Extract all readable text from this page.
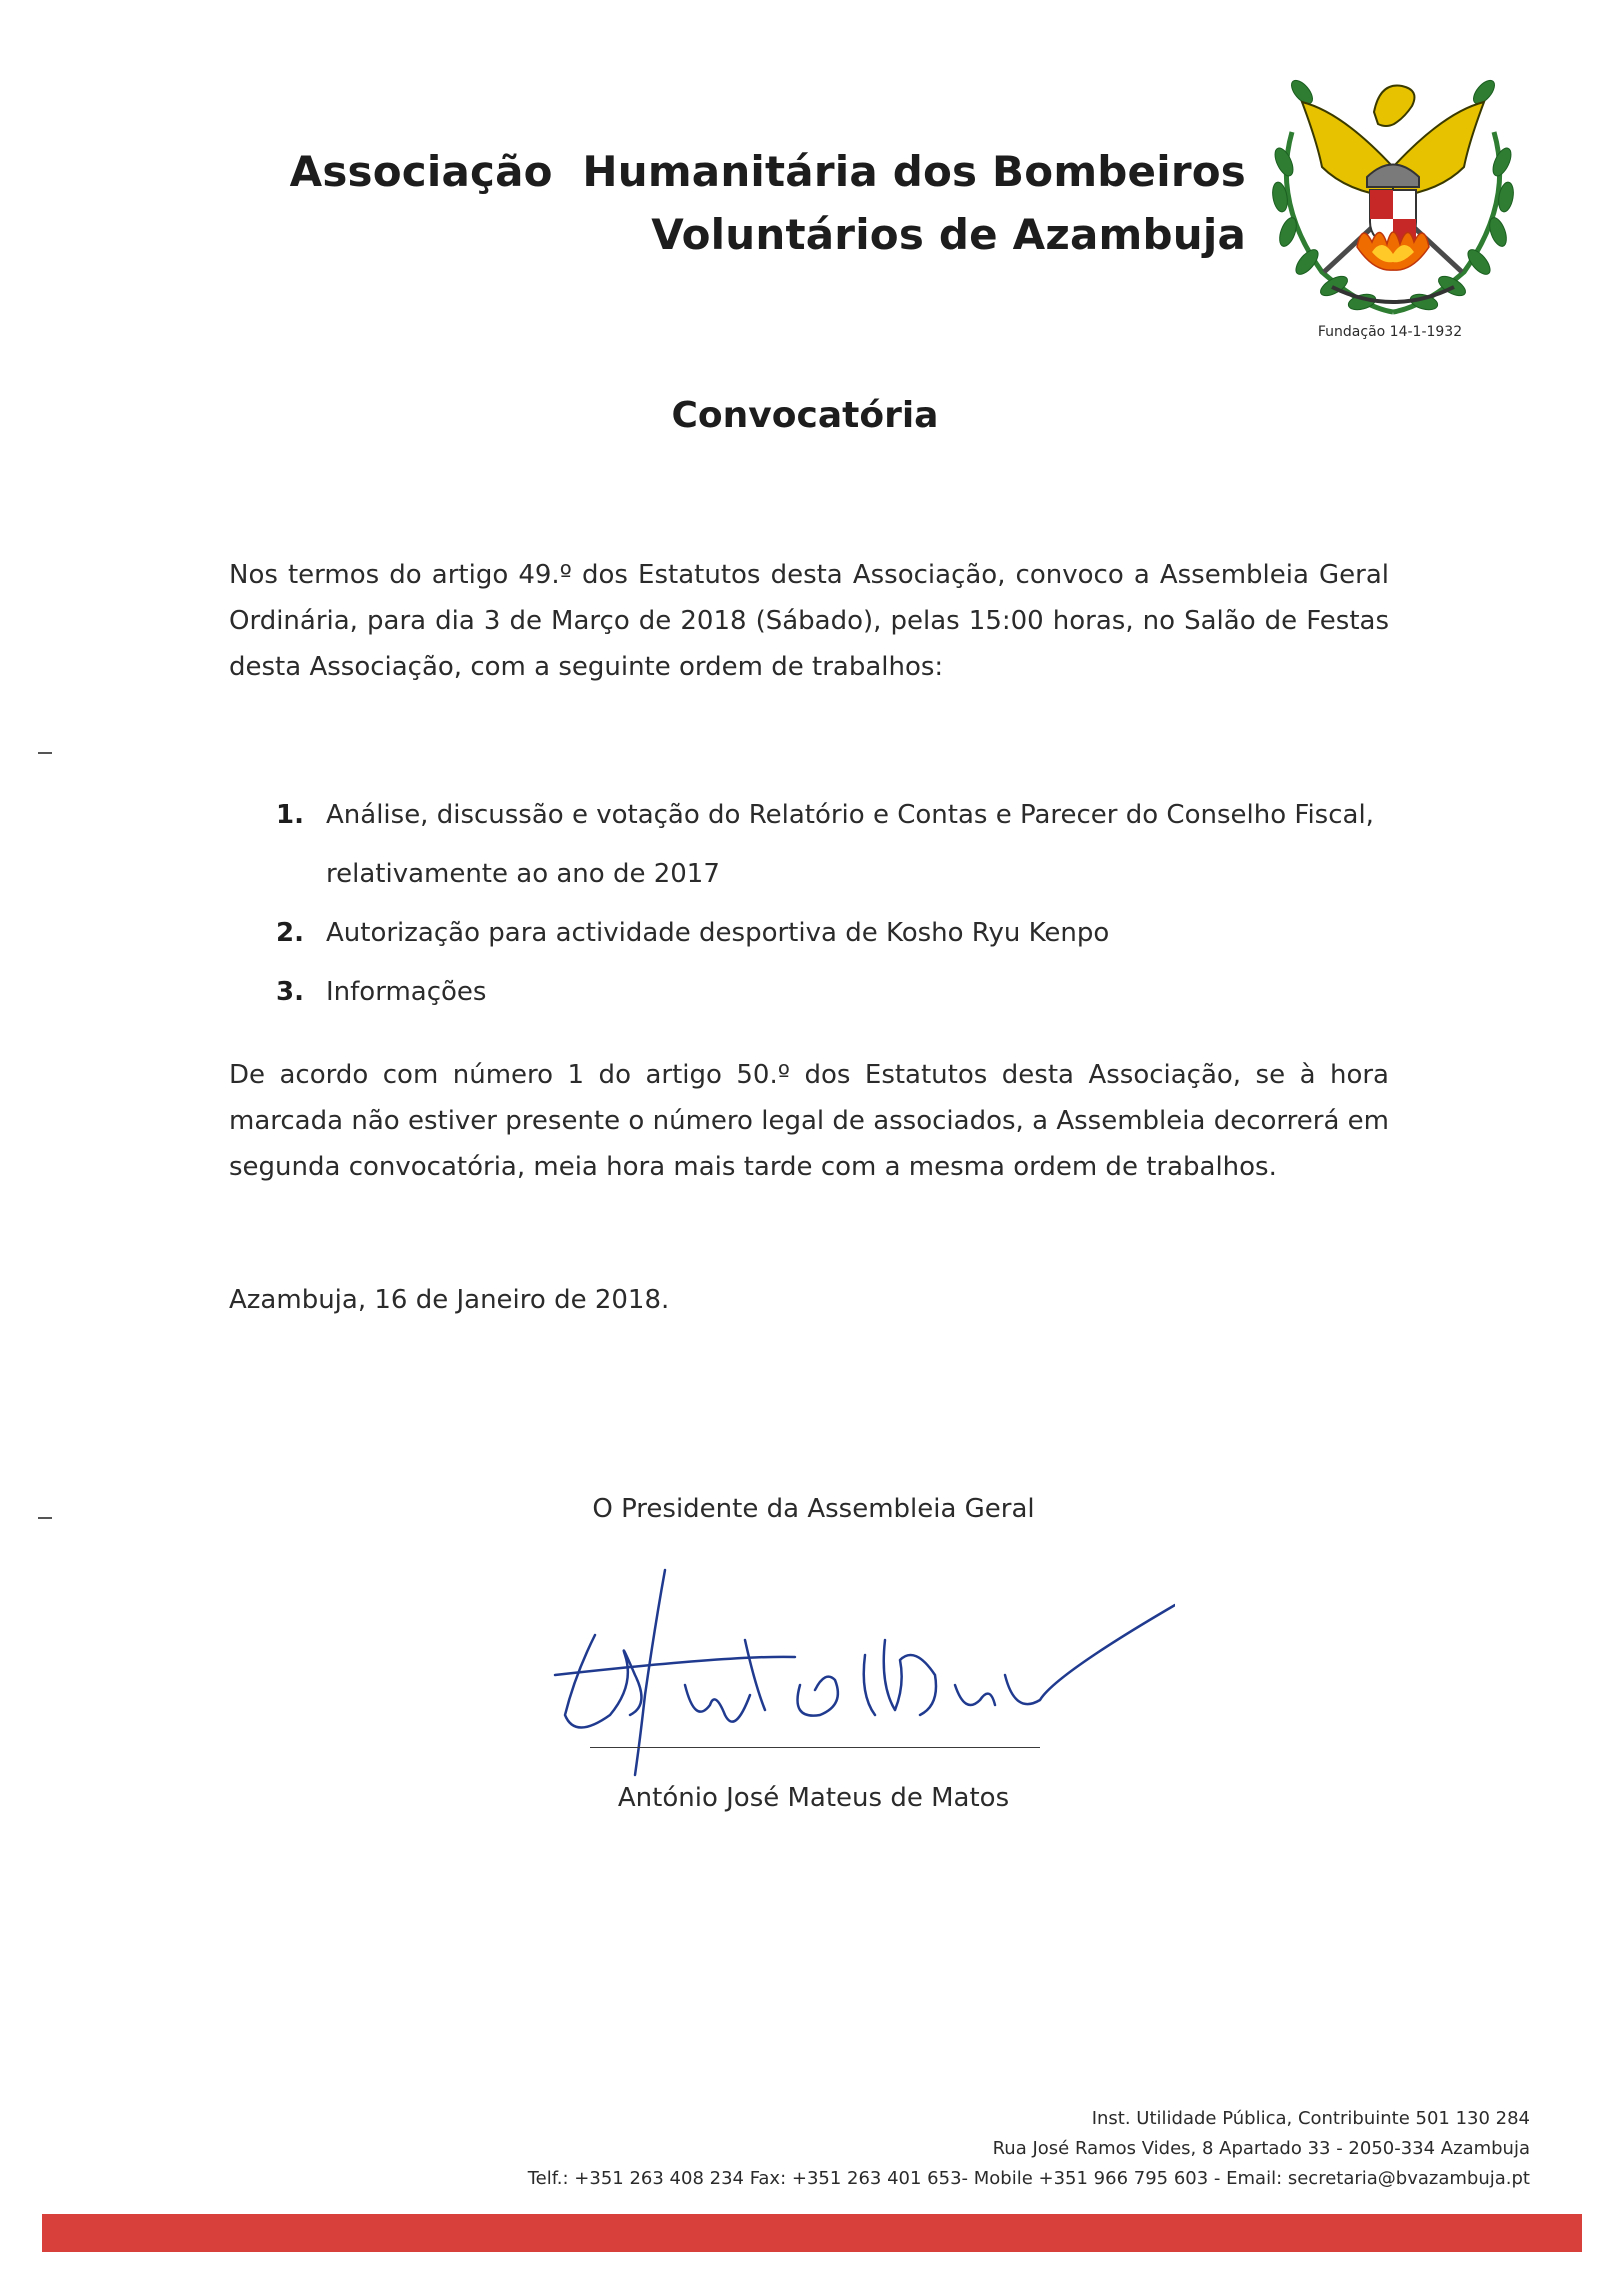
Associação  Humanitária dos Bombeiros
Voluntários de Azambuja
Fundação 14-1-1932
Convocatória
Nos termos do artigo 49.º dos Estatutos desta Associação, convoco a Assembleia Geral Ordinária, para dia 3 de Março de 2018 (Sábado), pelas 15:00 horas, no Salão de Festas desta Associação, com a seguinte ordem de trabalhos:
1. Análise, discussão e votação do Relatório e Contas e Parecer do Conselho Fiscal,
relativamente ao ano de 2017
2. Autorização para actividade desportiva de Kosho Ryu Kenpo
3. Informações
De acordo com número 1 do artigo 50.º dos Estatutos desta Associação, se à hora marcada não estiver presente o número legal de associados, a Assembleia decorrerá em segunda convocatória, meia hora mais tarde com a mesma ordem de trabalhos.
Azambuja, 16 de Janeiro de 2018.
O Presidente da Assembleia Geral
António José Mateus de Matos
Inst. Utilidade Pública, Contribuinte 501 130 284
Rua José Ramos Vides, 8 Apartado 33 - 2050-334 Azambuja
Telf.: +351 263 408 234 Fax: +351 263 401 653- Mobile +351 966 795 603 - Email: secretaria@bvazambuja.pt
